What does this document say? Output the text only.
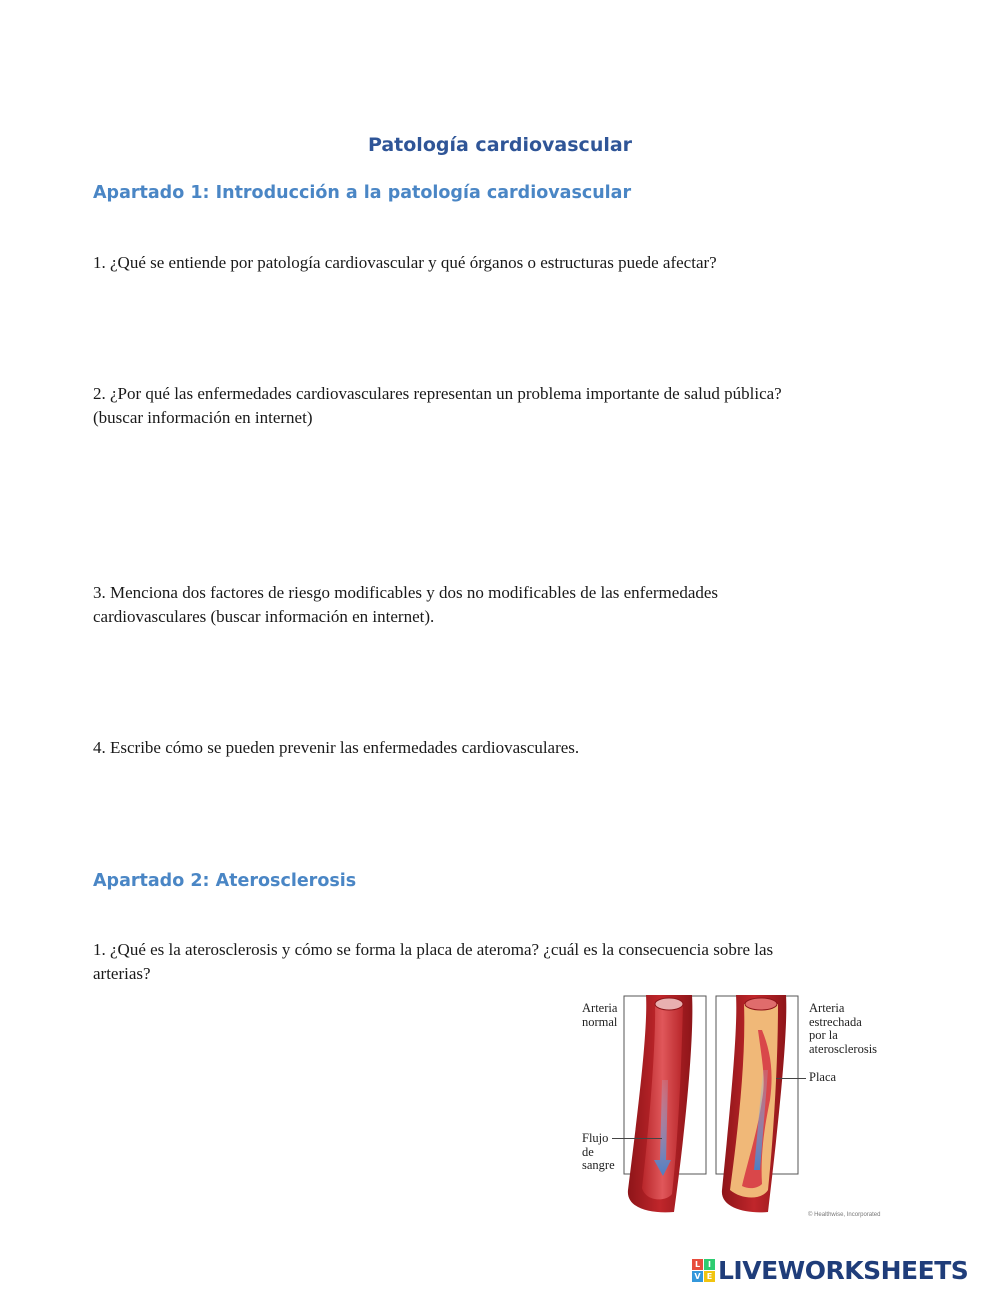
Patología cardiovascular
Apartado 1: Introducción a la patología cardiovascular
1. ¿Qué se entiende por patología cardiovascular y qué órganos o estructuras puede afectar?
2. ¿Por qué las enfermedades cardiovasculares representan un problema importante de salud pública?
(buscar información en internet)
3. Menciona dos factores de riesgo modificables y dos no modificables de las enfermedades
cardiovasculares (buscar información en internet).
4. Escribe cómo se pueden prevenir las enfermedades cardiovasculares.
Apartado 2: Aterosclerosis
1. ¿Qué es la aterosclerosis y cómo se forma la placa de ateroma? ¿cuál es la consecuencia sobre las
arterias?
Arteria
normal
Arteria
estrechada
por la
aterosclerosis
Placa
Flujo
de
sangre
© Healthwise, Incorporated
L I
V E LIVEWORKSHEETS
